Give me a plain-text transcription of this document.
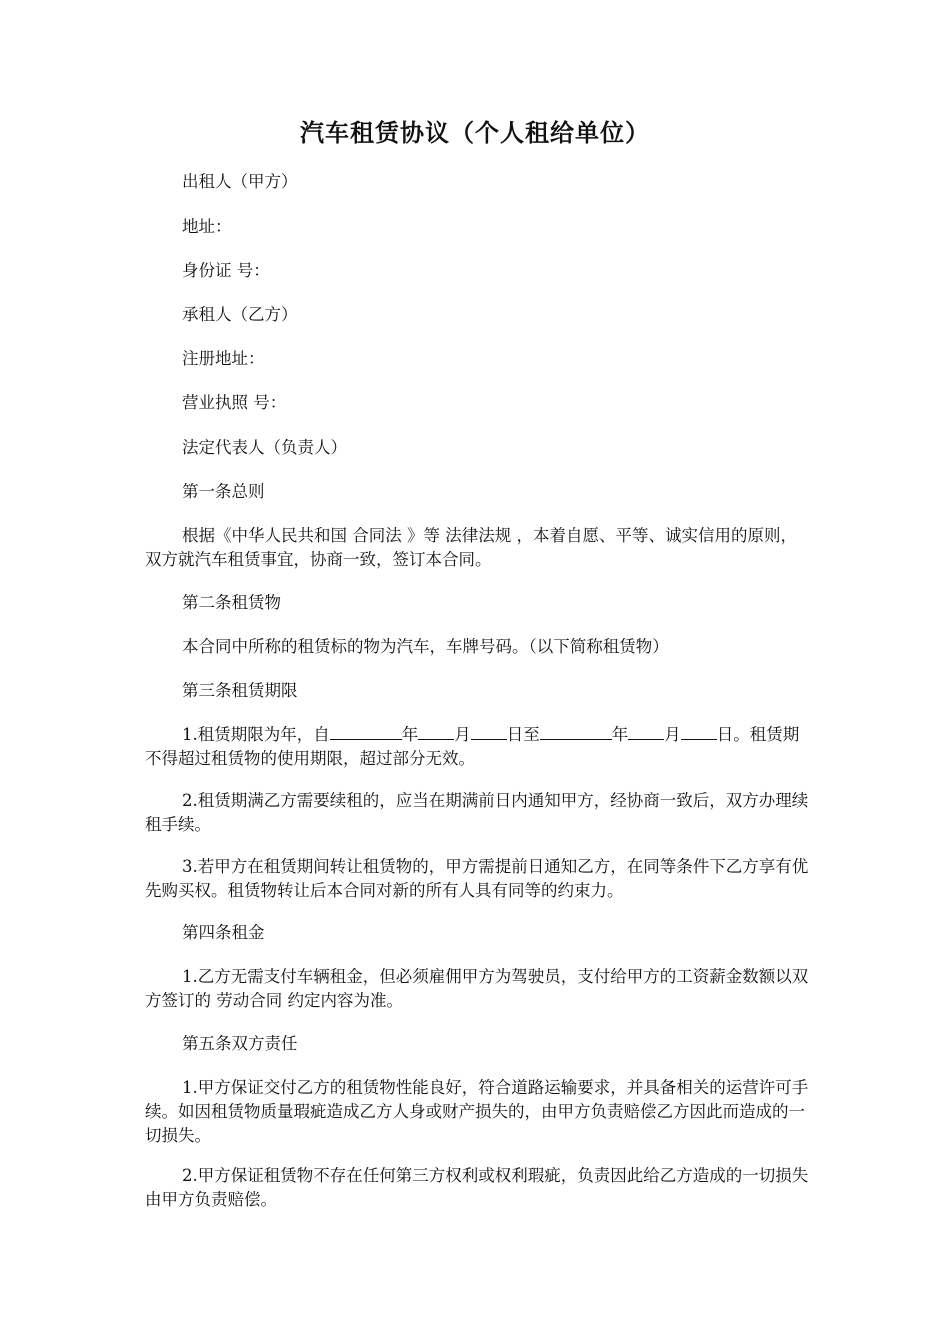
汽车租赁协议（个人租给单位）
出租人（甲方）
地址：
身份证 号：
承租人（乙方）
注册地址：
营业执照 号：
法定代表人（负责人）
第一条总则
根据《中华人民共和国 合同法 》等 法律法规 ，本着自愿、平等、诚实信用的原则，双方就汽车租赁事宜，协商一致，签订本合同。
第二条租赁物
本合同中所称的租赁标的物为汽车，车牌号码。（以下简称租赁物）
第三条租赁期限
1.租赁期限为年，自	年 月 日至	年 月 日。租赁期不得超过租赁物的使用期限，超过部分无效。
2.租赁期满乙方需要续租的，应当在期满前日内通知甲方，经协商一致后，双方办理续租手续。
3.若甲方在租赁期间转让租赁物的，甲方需提前日通知乙方，在同等条件下乙方享有优先购买权。租赁物转让后本合同对新的所有人具有同等的约束力。
第四条租金
1.乙方无需支付车辆租金，但必须雇佣甲方为驾驶员，支付给甲方的工资薪金数额以双方签订的 劳动合同 约定内容为准。
第五条双方责任
1.甲方保证交付乙方的租赁物性能良好，符合道路运输要求，并具备相关的运营许可手续。如因租赁物质量瑕疵造成乙方人身或财产损失的，由甲方负责赔偿乙方因此而造成的一切损失。
2.甲方保证租赁物不存在任何第三方权利或权利瑕疵，负责因此给乙方造成的一切损失由甲方负责赔偿。
